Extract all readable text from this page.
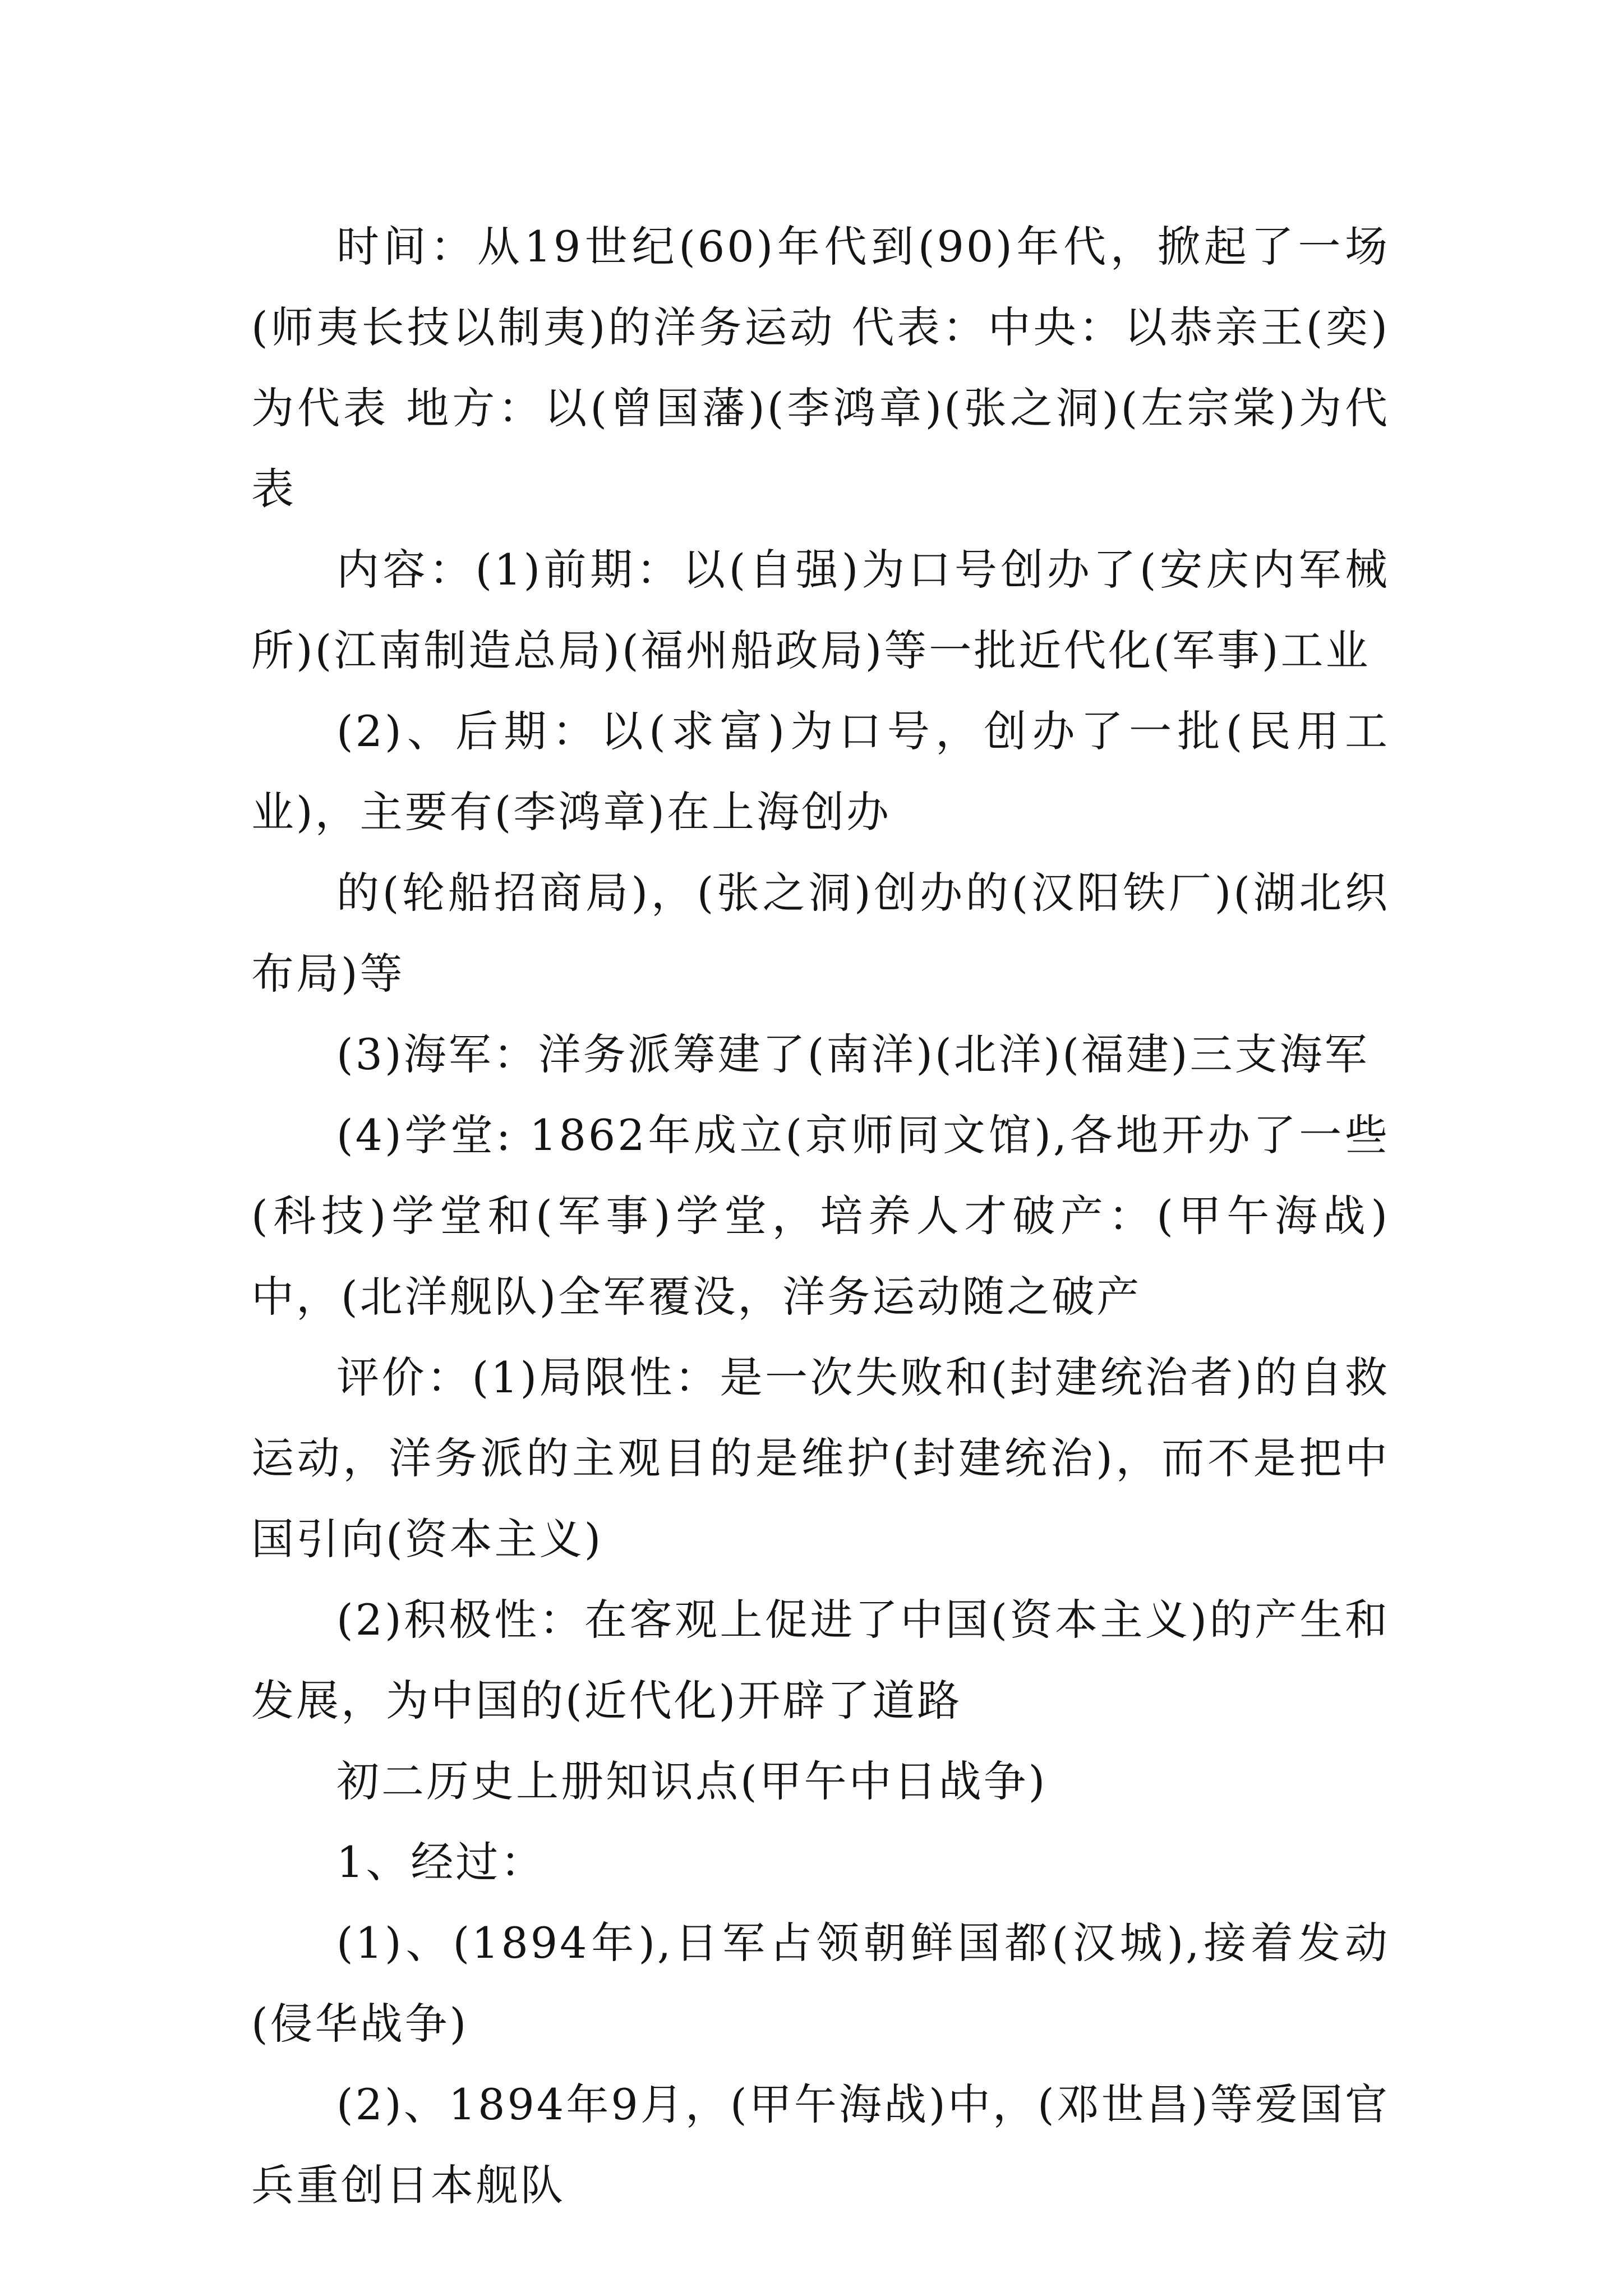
时间：从19世纪(60)年代到(90)年代，掀起了一场(师夷长技以制夷)的洋务运动 代表：中央：以恭亲王(奕)为代表 地方：以(曾国藩)(李鸿章)(张之洞)(左宗棠)为代表

内容：(1)前期：以(自强)为口号创办了(安庆内军械所)(江南制造总局)(福州船政局)等一批近代化(军事)工业

(2)、后期：以(求富)为口号，创办了一批(民用工业)，主要有(李鸿章)在上海创办

的(轮船招商局)，(张之洞)创办的(汉阳铁厂)(湖北织布局)等

(3)海军：洋务派筹建了(南洋)(北洋)(福建)三支海军

(4)学堂: 1862年成立(京师同文馆),各地开办了一些(科技)学堂和(军事)学堂，培养人才破产：(甲午海战)中，(北洋舰队)全军覆没，洋务运动随之破产

评价：(1)局限性：是一次失败和(封建统治者)的自救运动，洋务派的主观目的是维护(封建统治)，而不是把中国引向(资本主义)

(2)积极性：在客观上促进了中国(资本主义)的产生和发展，为中国的(近代化)开辟了道路

初二历史上册知识点(甲午中日战争)

1、经过：

(1)、(1894年),日军占领朝鲜国都(汉城),接着发动(侵华战争)

(2)、1894年9月，(甲午海战)中，(邓世昌)等爱国官兵重创日本舰队
